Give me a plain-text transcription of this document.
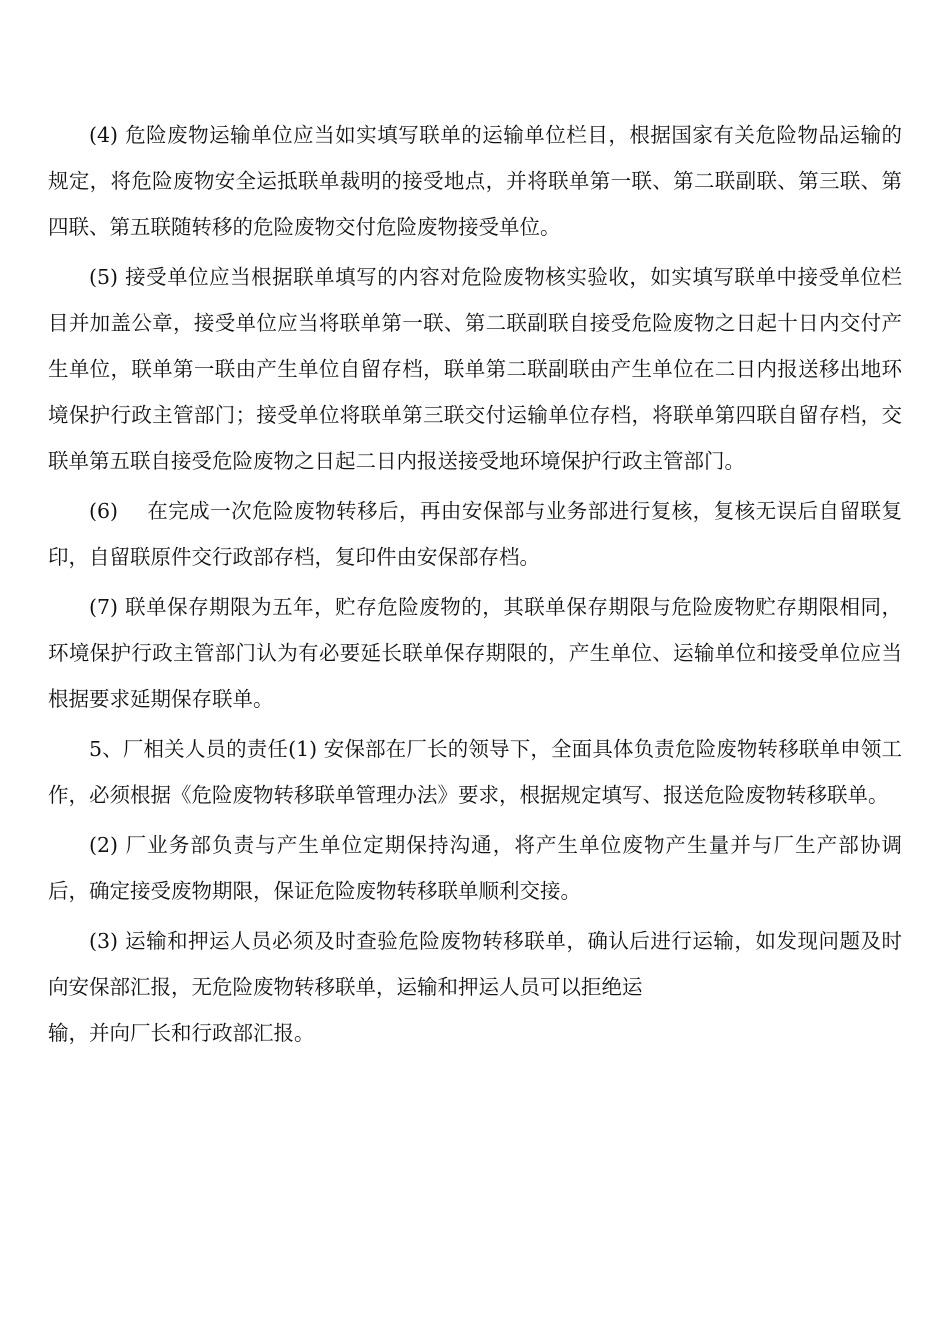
(4) 危险废物运输单位应当如实填写联单的运输单位栏目，根据国家有关危险物品运输的规定，将危险废物安全运抵联单裁明的接受地点，并将联单第一联、第二联副联、第三联、第四联、第五联随转移的危险废物交付危险废物接受单位。

(5) 接受单位应当根据联单填写的内容对危险废物核实验收，如实填写联单中接受单位栏目并加盖公章，接受单位应当将联单第一联、第二联副联自接受危险废物之日起十日内交付产生单位，联单第一联由产生单位自留存档，联单第二联副联由产生单位在二日内报送移出地环境保护行政主管部门；接受单位将联单第三联交付运输单位存档，将联单第四联自留存档，交联单第五联自接受危险废物之日起二日内报送接受地环境保护行政主管部门。

(6) 在完成一次危险废物转移后，再由安保部与业务部进行复核，复核无误后自留联复印，自留联原件交行政部存档，复印件由安保部存档。

(7) 联单保存期限为五年，贮存危险废物的，其联单保存期限与危险废物贮存期限相同，环境保护行政主管部门认为有必要延长联单保存期限的，产生单位、运输单位和接受单位应当根据要求延期保存联单。

5、厂相关人员的责任(1) 安保部在厂长的领导下，全面具体负责危险废物转移联单申领工作，必须根据《危险废物转移联单管理办法》要求，根据规定填写、报送危险废物转移联单。

(2) 厂业务部负责与产生单位定期保持沟通，将产生单位废物产生量并与厂生产部协调后，确定接受废物期限，保证危险废物转移联单顺利交接。

(3) 运输和押运人员必须及时查验危险废物转移联单，确认后进行运输，如发现问题及时向安保部汇报，无危险废物转移联单，运输和押运人员可以拒绝运
输，并向厂长和行政部汇报。
